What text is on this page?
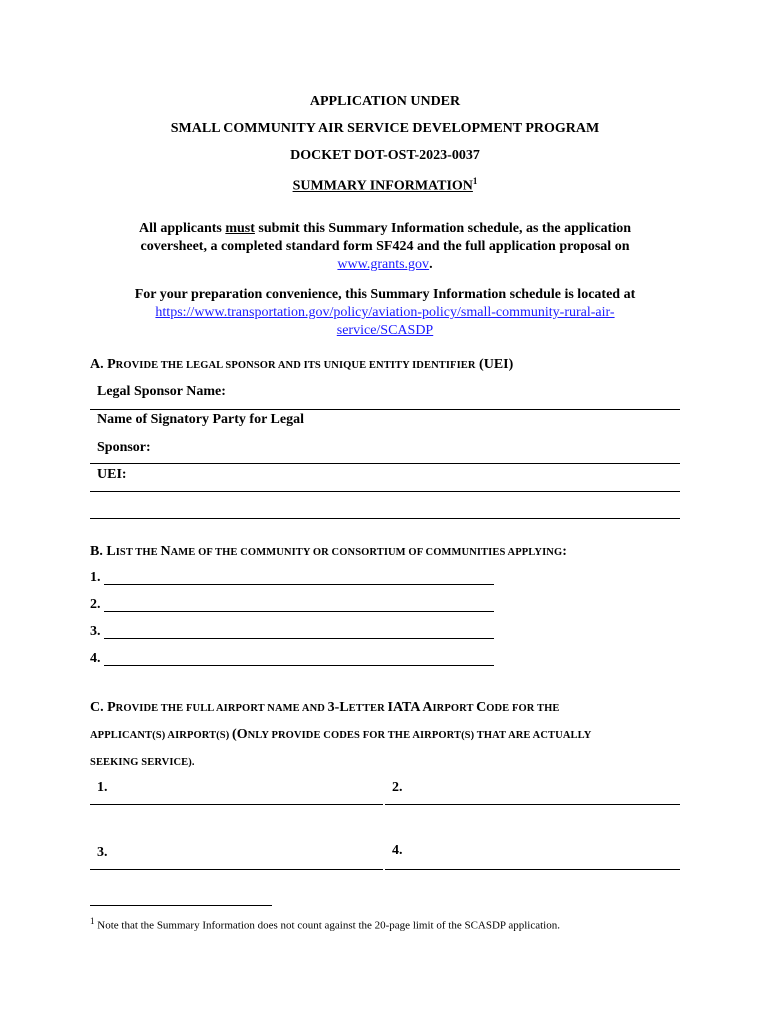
APPLICATION UNDER
SMALL COMMUNITY AIR SERVICE DEVELOPMENT PROGRAM
DOCKET DOT-OST-2023-0037
SUMMARY INFORMATION$^1$
All applicants must submit this Summary Information schedule, as the application coversheet, a completed standard form SF424 and the full application proposal on
www.grants.gov.
For your preparation convenience, this Summary Information schedule is located at https://www.transportation.gov/policy/aviation-policy/small-community-rural-air-service/SCASDP
A. PROVIDE THE LEGAL SPONSOR AND ITS UNIQUE ENTITY IDENTIFIER (UEI)
Legal Sponsor Name:
Name of Signatory Party for Legal
Sponsor:
UEI:
B. LIST THE NAME OF THE COMMUNITY OR CONSORTIUM OF COMMUNITIES APPLYING:
1.
2.
3.
4.
C. PROVIDE THE FULL AIRPORT NAME AND 3-LETTER IATA AIRPORT CODE FOR THE
APPLICANT(S) AIRPORT(S) (ONLY PROVIDE CODES FOR THE AIRPORT(S) THAT ARE ACTUALLY
SEEKING SERVICE).
1.	2.
3.	4.
$^1$ Note that the Summary Information does not count against the 20-page limit of the SCASDP application.
